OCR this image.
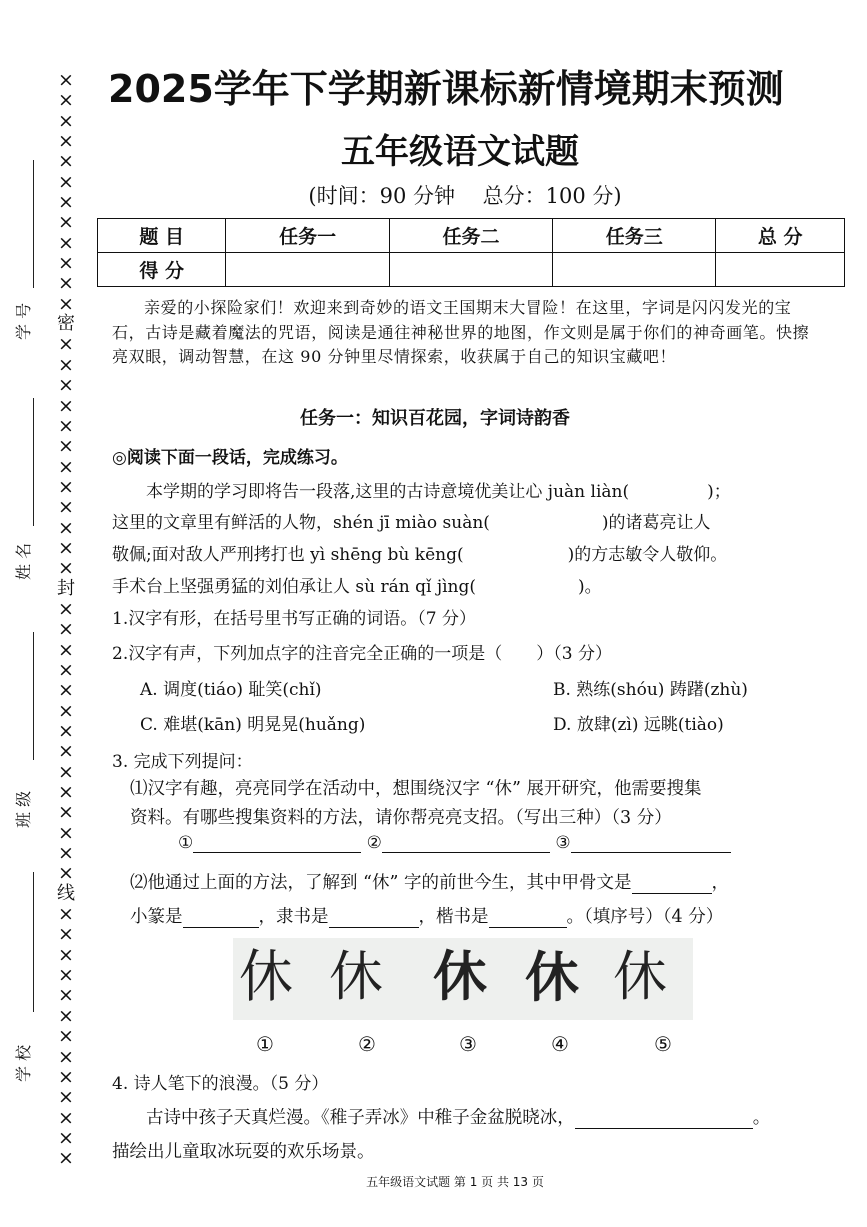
×
×
×
×
×
×
×
×
×
×
×
×
密
×
×
×
×
×
×
×
×
×
×
×
×
封
×
×
×
×
×
×
×
×
×
×
×
×
×
×
线
×
×
×
×
×
×
×
×
×
×
×
×
×
学 号
姓 名
班 级
学 校
2025学年下学期新课标新情境期末预测
五年级语文试题
(时间：90 分钟　 总分：100 分)
题 目	任务一	任务二	任务三	总 分
得 分				
亲爱的小探险家们！欢迎来到奇妙的语文王国期末大冒险！在这里，字词是闪闪发光的宝石，古诗是藏着魔法的咒语，阅读是通往神秘世界的地图，作文则是属于你们的神奇画笔。快擦亮双眼，调动智慧，在这 90 分钟里尽情探索，收获属于自己的知识宝藏吧！
任务一：知识百花园，字词诗韵香
◎阅读下面一段话，完成练习。
本学期的学习即将告一段落,这里的古诗意境优美让心 juàn liàn(	)；
这里的文章里有鲜活的人物，shén jī miào suàn(	)的诸葛亮让人
敬佩;面对敌人严刑拷打也 yì shēng bù kēng(	)的方志敏令人敬仰。
手术台上坚强勇猛的刘伯承让人 sù rán qǐ jìng(	)。
1.汉字有形，在括号里书写正确的词语。（7 分）
2.汉字有声，下列加点字的注音完全正确的一项是（　　）（3 分）
A. 调度(tiáo) 耻笑(chǐ)	B. 熟练(shóu) 踌躇(zhù)
C. 难堪(kān) 明晃晃(huǎng)	D. 放肆(zì) 远眺(tiào)
3. 完成下列提问：
⑴汉字有趣，亮亮同学在活动中，想围绕汉字 “休” 展开研究，他需要搜集
资料。有哪些搜集资料的方法，请你帮亮亮支招。（写出三种）（3 分）
①	②	③
⑵他通过上面的方法，了解到 “休” 字的前世今生，其中甲骨文是	，
小篆是	，隶书是	，楷书是	。（填序号）（4 分）
休 休 休 休 休
①	②	③	④	⑤
4. 诗人笔下的浪漫。（5 分）
古诗中孩子天真烂漫。《稚子弄冰》中稚子金盆脱晓冰，	。
描绘出儿童取冰玩耍的欢乐场景。
五年级语文试题 第 1 页 共 13 页
